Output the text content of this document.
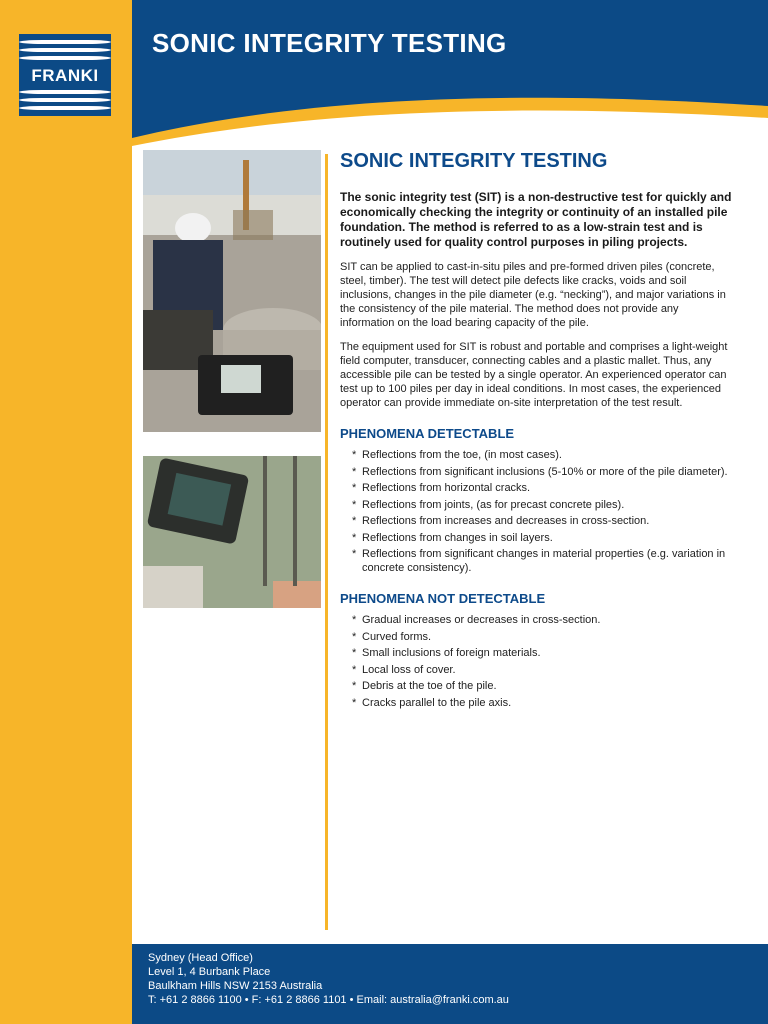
FRANKI
SONIC INTEGRITY TESTING
SONIC INTEGRITY TESTING

The sonic integrity test (SIT) is a non-destructive test for quickly and economically checking the integrity or continuity of an installed pile foundation. The method is referred to as a low-strain test and is routinely used for quality control purposes in piling projects.

SIT can be applied to cast-in-situ piles and pre-formed driven piles (concrete, steel, timber). The test will detect pile defects like cracks, voids and soil inclusions, changes in the pile diameter (e.g. “necking”), and major variations in the consistency of the pile material. The method does not provide any information on the load bearing capacity of the pile.

The equipment used for SIT is robust and portable and comprises a light-weight field computer, transducer, connecting cables and a plastic mallet. Thus, any accessible pile can be tested by a single operator. An experienced operator can test up to 100 piles per day in ideal conditions. In most cases, the experienced operator can provide immediate on-site interpretation of the test result.

PHENOMENA DETECTABLE
* Reflections from the toe, (in most cases).
* Reflections from significant inclusions (5-10% or more of the pile diameter).
* Reflections from horizontal cracks.
* Reflections from joints, (as for precast concrete piles).
* Reflections from increases and decreases in cross-section.
* Reflections from changes in soil layers.
* Reflections from significant changes in material properties (e.g. variation in concrete consistency).
PHENOMENA NOT DETECTABLE
* Gradual increases or decreases in cross-section.
* Curved forms.
* Small inclusions of foreign materials.
* Local loss of cover.
* Debris at the toe of the pile.
* Cracks parallel to the pile axis.
Sydney (Head Office)
Level 1, 4 Burbank Place
Baulkham Hills NSW 2153 Australia
T: +61 2 8866 1100 • F: +61 2 8866 1101 • Email: australia@franki.com.au
